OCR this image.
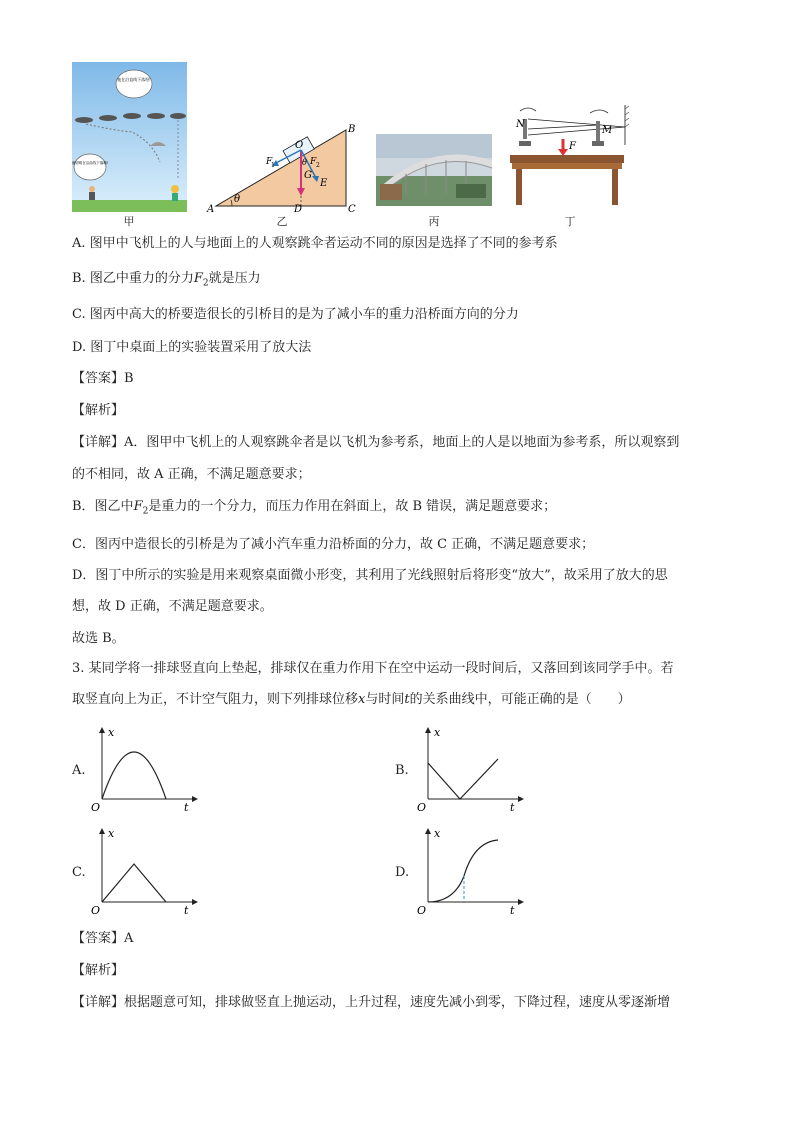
他在沿直线下落呀!
他明明在沿曲线下落啊!
甲
θ
A
B
C
D
E
O
G
θ
F
1	F 2
乙	丙
N
M
F
丁
A. 图甲中飞机上的人与地面上的人观察跳伞者运动不同的原因是选择了不同的参考系
B. 图乙中重力的分力$F_2$就是压力
C. 图丙中高大的桥要造很长的引桥目的是为了减小车的重力沿桥面方向的分力
D. 图丁中桌面上的实验装置采用了放大法
【答案】B
【解析】
【详解】A．图甲中飞机上的人观察跳伞者是以飞机为参考系，地面上的人是以地面为参考系，所以观察到
的不相同，故 A 正确，不满足题意要求；
B．图乙中$F_2$是重力的一个分力，而压力作用在斜面上，故 B 错误，满足题意要求；
C．图丙中造很长的引桥是为了减小汽车重力沿桥面的分力，故 C 正确，不满足题意要求；
D．图丁中所示的实验是用来观察桌面微小形变，其利用了光线照射后将形变“放大”，故采用了放大的思
想，故 D 正确，不满足题意要求。
故选 B。
3. 某同学将一排球竖直向上垫起，排球仅在重力作用下在空中运动一段时间后，又落回到该同学手中。若
取竖直向上为正，不计空气阻力，则下列排球位移x与时间t的关系曲线中，可能正确的是（　　）
A.
x
t
O
B.
x
t
O
C.
x
t
O
D.
x
t
O
【答案】A
【解析】
【详解】根据题意可知，排球做竖直上抛运动，上升过程，速度先减小到零，下降过程，速度从零逐渐增
